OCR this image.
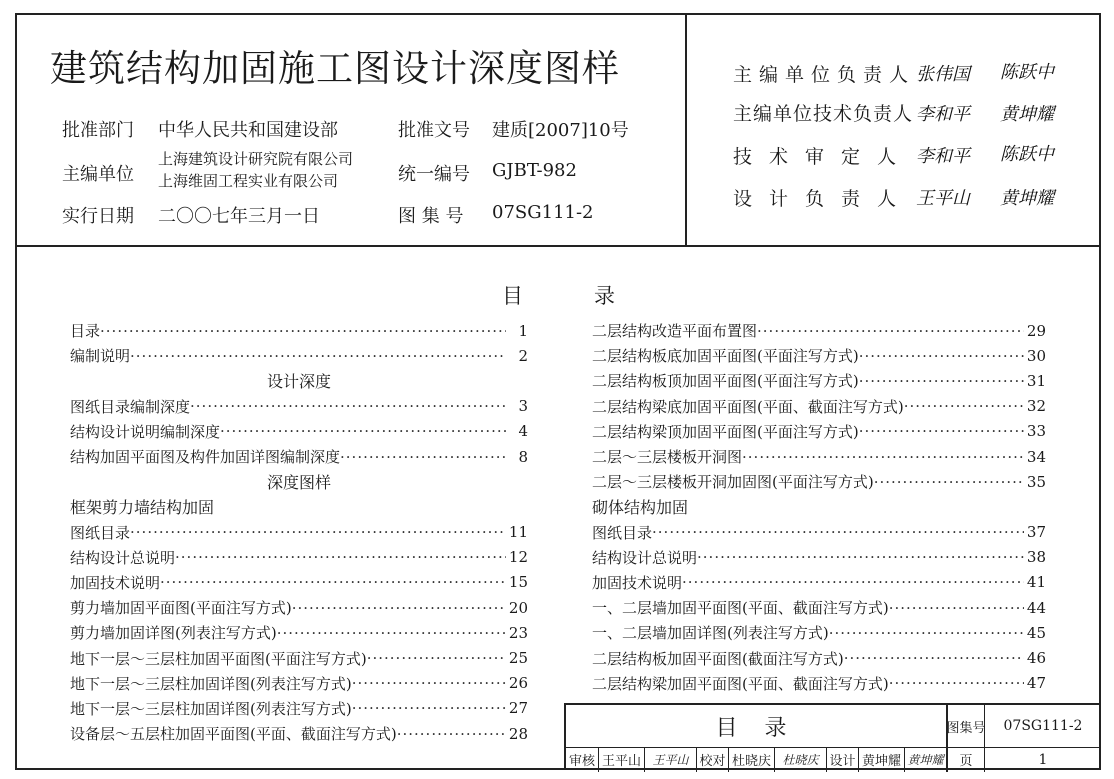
建筑结构加固施工图设计深度图样
批准部门 中华人民共和国建设部	批准文号 建质[2007]10号
主编单位
上海建筑设计研究院有限公司
上海维固工程实业有限公司	统一编号 GJBT-982
实行日期 二〇〇七年三月一日	图 集 号 07SG111-2
主编单位负责人 张伟国 陈跃中
主编单位技术负责人 李和平 黄坤耀
技术审定人 李和平 陈跃中
设计负责人 王平山 黄坤耀
目	录
目录 ·····	1
编制说明 ·····	2
设计深度
图纸目录编制深度 ·····	3
结构设计说明编制深度 ·····	4
结构加固平面图及构件加固详图编制深度 ·····	8
深度图样
框架剪力墙结构加固
图纸目录 ·····	11
结构设计总说明 ·····	12
加固技术说明 ·····	15
剪力墙加固平面图(平面注写方式) ·····	20
剪力墙加固详图(列表注写方式) ·····	23
地下一层～三层柱加固平面图(平面注写方式) ·····	25
地下一层～三层柱加固详图(列表注写方式) ·····	26
地下一层～三层柱加固详图(列表注写方式) ·····	27
设备层～五层柱加固平面图(平面、截面注写方式) ·····	28
二层结构改造平面布置图 ·····	29
二层结构板底加固平面图(平面注写方式) ·····	30
二层结构板顶加固平面图(平面注写方式) ·····	31
二层结构梁底加固平面图(平面、截面注写方式) ·····	32
二层结构梁顶加固平面图(平面注写方式) ·····	33
二层～三层楼板开洞图 ·····	34
二层～三层楼板开洞加固图(平面注写方式) ·····	35
砌体结构加固
图纸目录 ·····	37
结构设计总说明 ·····	38
加固技术说明 ·····	41
一、二层墙加固平面图(平面、截面注写方式) ·····	44
一、二层墙加固详图(列表注写方式) ·····	45
二层结构板加固平面图(截面注写方式) ·····	46
二层结构梁加固平面图(平面、截面注写方式) ·····	47
目 录	图集号	07SG111-2
审核 王平山 王平山 校对 杜晓庆 杜晓庆 设计 黄坤耀 黄坤耀	页	1
